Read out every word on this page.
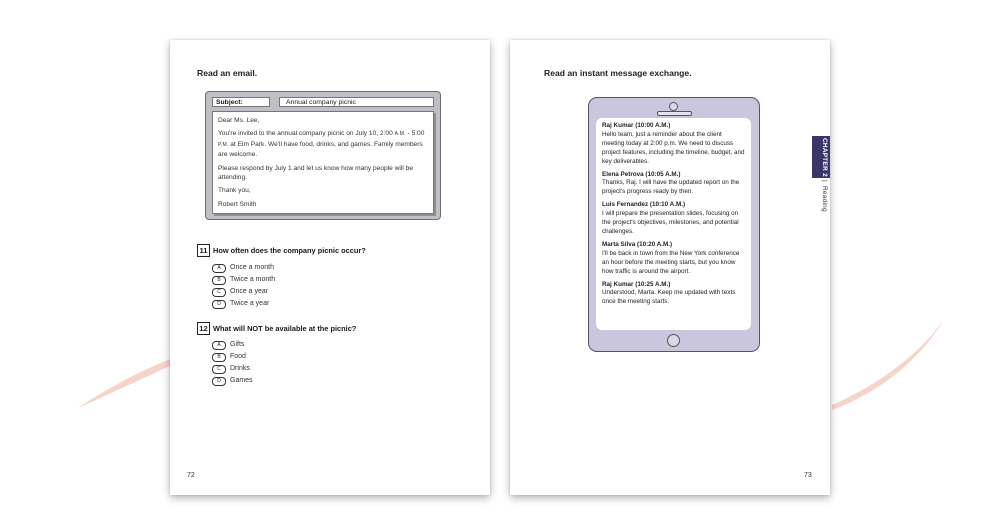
Read an email.
Subject:	Annual company picnic

Dear Ms. Lee,

You're invited to the annual company picnic on July 10, 2:00 A.M. - 5:00 P.M. at Elm Park. We'll have food, drinks, and games. Family members are welcome.

Please respond by July 1 and let us know how many people will be attending.

Thank you,

Robert Smith

11 How often does the company picnic occur?
A Once a month
B Twice a month
C Once a year
D Twice a year
12 What will NOT be available at the picnic?
A Gifts
B Food
C Drinks
D Games
72
Read an instant message exchange.
Raj Kumar (10:00 A.M.)
Hello team, just a reminder about the client meeting today at 2:00 p.m. We need to discuss project features, including the timeline, budget, and key deliverables.
Elena Petrova (10:05 A.M.)
Thanks, Raj. I will have the updated report on the project's progress ready by then.
Luis Fernandez (10:10 A.M.)
I will prepare the presentation slides, focusing on the project's objectives, milestones, and potential challenges.
Marta Silva (10:20 A.M.)
I'll be back in town from the New York conference an hour before the meeting starts, but you know how traffic is around the airport.
Raj Kumar (10:25 A.M.)
Understood, Marta. Keep me updated with texts once the meeting starts.
CHAPTER 2|Reading
73
